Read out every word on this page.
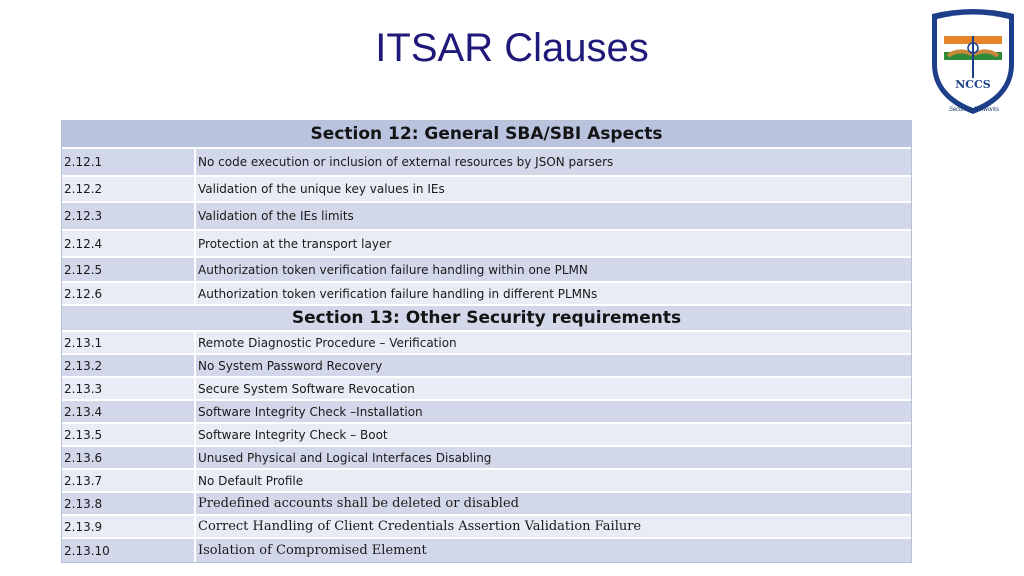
ITSAR Clauses
NCCS
Securing Networks
Section 12: General SBA/SBI Aspects
2.12.1	No code execution or inclusion of external resources by JSON parsers
2.12.2	Validation of the unique key values in IEs
2.12.3	Validation of the IEs limits
2.12.4	Protection at the transport layer
2.12.5	Authorization token verification failure handling within one PLMN
2.12.6	Authorization token verification failure handling in different PLMNs
Section 13: Other Security requirements
2.13.1	Remote Diagnostic Procedure – Verification
2.13.2	No System Password Recovery
2.13.3	Secure System Software Revocation
2.13.4	Software Integrity Check –Installation
2.13.5	Software Integrity Check – Boot
2.13.6	Unused Physical and Logical Interfaces Disabling
2.13.7	No Default Profile
2.13.8	Predefined accounts shall be deleted or disabled
2.13.9	Correct Handling of Client Credentials Assertion Validation Failure
2.13.10	Isolation of Compromised Element
